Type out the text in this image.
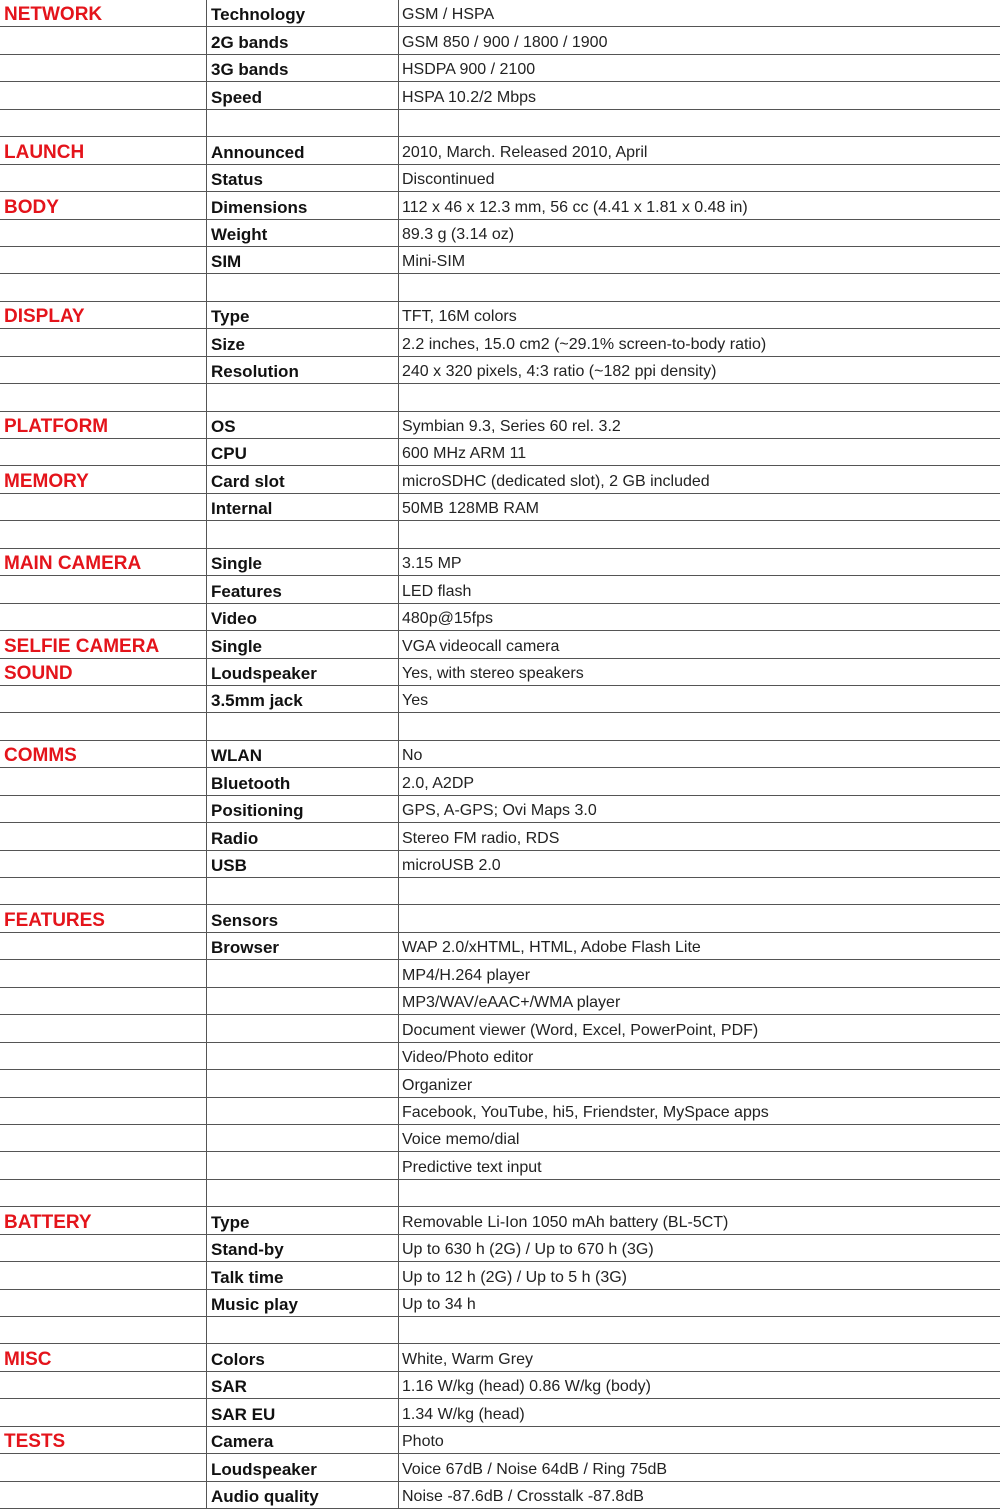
NETWORK	Technology	GSM / HSPA
	2G bands	GSM 850 / 900 / 1800 / 1900
	3G bands	HSDPA 900 / 2100
	Speed	HSPA 10.2/2 Mbps

LAUNCH	Announced	2010, March. Released 2010, April
	Status	Discontinued
BODY	Dimensions	112 x 46 x 12.3 mm, 56 cc (4.41 x 1.81 x 0.48 in)
	Weight	89.3 g (3.14 oz)
	SIM	Mini-SIM

DISPLAY	Type	TFT, 16M colors
	Size	2.2 inches, 15.0 cm2 (~29.1% screen-to-body ratio)
	Resolution	240 x 320 pixels, 4:3 ratio (~182 ppi density)

PLATFORM	OS	Symbian 9.3, Series 60 rel. 3.2
	CPU	600 MHz ARM 11
MEMORY	Card slot	microSDHC (dedicated slot), 2 GB included
	Internal	50MB 128MB RAM

MAIN CAMERA	Single	3.15 MP
	Features	LED flash
	Video	480p@15fps
SELFIE CAMERA	Single	VGA videocall camera
SOUND	Loudspeaker	Yes, with stereo speakers
	3.5mm jack	Yes

COMMS	WLAN	No
	Bluetooth	2.0, A2DP
	Positioning	GPS, A-GPS; Ovi Maps 3.0
	Radio	Stereo FM radio, RDS
	USB	microUSB 2.0

FEATURES	Sensors	
	Browser	WAP 2.0/xHTML, HTML, Adobe Flash Lite
		MP4/H.264 player
		MP3/WAV/eAAC+/WMA player
		Document viewer (Word, Excel, PowerPoint, PDF)
		Video/Photo editor
		Organizer
		Facebook, YouTube, hi5, Friendster, MySpace apps
		Voice memo/dial
		Predictive text input

BATTERY	Type	Removable Li-Ion 1050 mAh battery (BL-5CT)
	Stand-by	Up to 630 h (2G) / Up to 670 h (3G)
	Talk time	Up to 12 h (2G) / Up to 5 h (3G)
	Music play	Up to 34 h

MISC	Colors	White, Warm Grey
	SAR	1.16 W/kg (head) 0.86 W/kg (body)
	SAR EU	1.34 W/kg (head)
TESTS	Camera	Photo
	Loudspeaker	Voice 67dB / Noise 64dB / Ring 75dB
	Audio quality	Noise -87.6dB / Crosstalk -87.8dB
